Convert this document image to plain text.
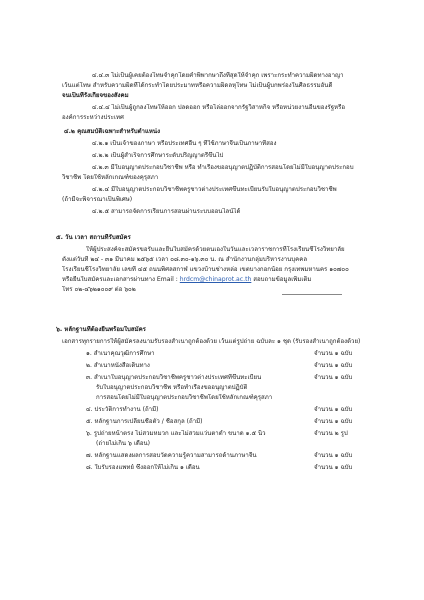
๔.๔.๓ ไม่เป็นผู้เคยต้องโทษจำคุกโดยคำพิพากษาถึงที่สุดให้จำคุก เพราะกระทำความผิดทางอาญา
เว้นแต่โทษ สำหรับความผิดที่ได้กระทำโดยประมาทหรือความผิดลหุโทษ ไม่เป็นผู้บกพร่องในศีลธรรมอันดี
จนเป็นที่รังเกียจของสังคม
๔.๔.๔ ไม่เป็นผู้ถูกลงโทษให้ออก ปลดออก หรือไล่ออกจากรัฐวิสาหกิจ หรือหน่วยงานอื่นของรัฐหรือ
องค์การระหว่างประเทศ
๔.๒ คุณสมบัติเฉพาะสำหรับตำแหน่ง
๔.๒.๑ เป็นเจ้าของภาษา หรือประเทศอื่น ๆ ที่ใช้ภาษาจีนเป็นภาษาที่สอง
๔.๒.๒ เป็นผู้สำเร็จการศึกษาระดับปริญญาตรีขึ้นไป
๔.๒.๓ มีใบอนุญาตประกอบวิชาชีพ หรือ ทำเรื่องขออนุญาตปฏิบัติการสอนโดยไม่มีใบอนุญาตประกอบ
วิชาชีพ โดยใช้หลักเกณฑ์ของคุรุสภา
๔.๒.๔ มีใบอนุญาตประกอบวิชาชีพครูชาวต่างประเทศขึ้นทะเบียนรับใบอนุญาตประกอบวิชาชีพ
(ถ้ามีจะพิจารณาเป็นพิเศษ)
๔.๒.๕ สามารถจัดการเรียนการสอนผ่านระบบออนไลน์ได้
๕. วัน เวลา สถานที่รับสมัคร
ให้ผู้ประสงค์จะสมัครขอรับและยื่นใบสมัครด้วยตนเองในวันและเวลาราชการที่โรงเรียนชีโรงวิทยาลัย
ตั้งแต่วันที่ ๒๔ - ๓๑ มีนาคม ๒๕๖๕ เวลา ๐๘.๓๐-๑๖.๓๐ น. ณ สำนักงานกลุ่มบริหารงานบุคคล
โรงเรียนชีโรงวิทยาลัย เลขที่ ๔๕ ถนนพิศลสกาฬ แขวงบ้านช่างหล่อ เขตบางกอกน้อย กรุงเทพมหานคร ๑๐๗๐๐
หรือยื่นใบสมัครและเอกสารผ่านทาง Email : hrdcm@chinaprot.ac.th สอบถามข้อมูลเพิ่มเติม
โทร ๐๒-๔๖๒๑๐๐๙ ต่อ ๖๐๒
๖. หลักฐานที่ต้องยื่นพร้อมใบสมัคร
เอกสารทุกรายการให้ผู้สมัครลงนามรับรองสำเนาถูกต้องด้วย เว้นแต่รูปถ่าย ฉบับละ ๑ ชุด (รับรองสำเนาถูกต้องด้วย)
๑. สำเนาคุณวุฒิการศึกษา	จำนวน ๑ ฉบับ
๒. สำเนาหนังสือเดินทาง	จำนวน ๑ ฉบับ
๓. สำเนาใบอนุญาตประกอบวิชาชีพครูชาวต่างประเทศที่ขึ้นทะเบียน	จำนวน ๑ ฉบับ
รับใบอนุญาตประกอบวิชาชีพ หรือทำเรื่องขออนุญาตปฏิบัติ
การสอนโดยไม่มีใบอนุญาตประกอบวิชาชีพโดยใช้หลักเกณฑ์คุรุสภา
๔. ประวัติการทำงาน (ถ้ามี)	จำนวน ๑ ฉบับ
๕. หลักฐานการเปลี่ยนชื่อตัว / ชื่อสกุล (ถ้ามี)	จำนวน ๑ ฉบับ
๖. รูปถ่ายหน้าตรง ไม่สวมหมวก และไม่สวมแว่นตาดำ ขนาด ๑.๕ นิ้ว	จำนวน ๒ รูป
(ถ่ายไม่เกิน ๖ เดือน)
๗. หลักฐานแสดงผลการสอบวัดความรู้ความสามารถด้านภาษาจีน	จำนวน ๑ ฉบับ
๘. ใบรับรองแพทย์ ซึ่งออกให้ไม่เกิน ๑ เดือน	จำนวน ๑ ฉบับ
